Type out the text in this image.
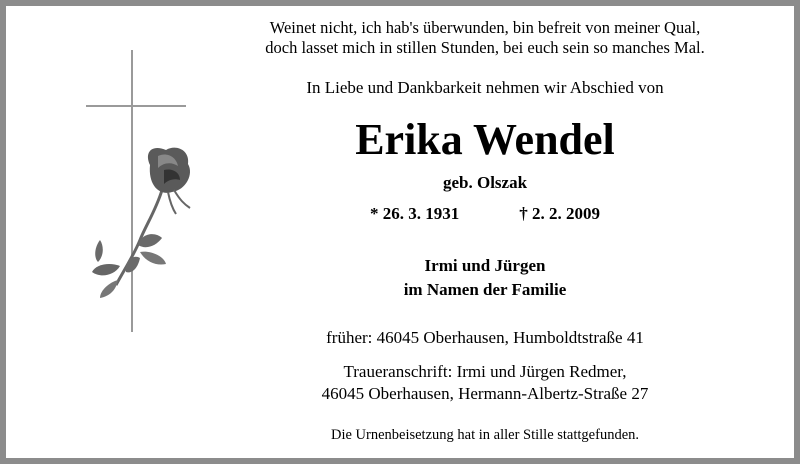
Weinet nicht, ich hab's überwunden, bin befreit von meiner Qual,
doch lasset mich in stillen Stunden, bei euch sein so manches Mal.
In Liebe und Dankbarkeit nehmen wir Abschied von
Erika Wendel
geb. Olszak
* 26. 3. 1931	† 2. 2. 2009
Irmi und Jürgen
im Namen der Familie
früher: 46045 Oberhausen, Humboldtstraße 41
Traueranschrift: Irmi und Jürgen Redmer,
46045 Oberhausen, Hermann-Albertz-Straße 27
Die Urnenbeisetzung hat in aller Stille stattgefunden.
